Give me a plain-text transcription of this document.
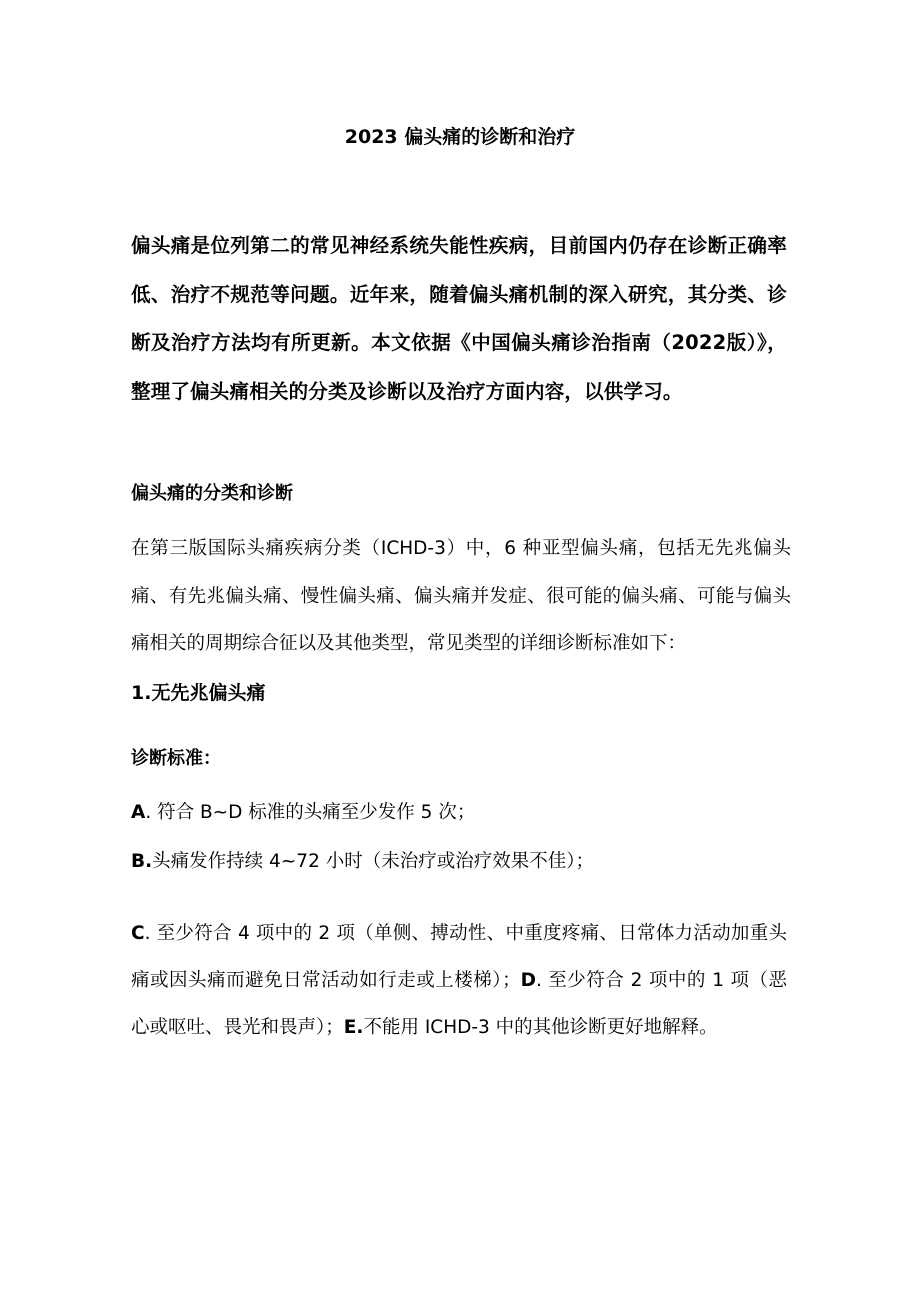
2023 偏头痛的诊断和治疗

偏头痛是位列第二的常见神经系统失能性疾病，目前国内仍存在诊断正确率低、治疗不规范等问题。近年来，随着偏头痛机制的深入研究，其分类、诊断及治疗方法均有所更新。本文依据《中国偏头痛诊治指南（2022版）》，整理了偏头痛相关的分类及诊断以及治疗方面内容，以供学习。

偏头痛的分类和诊断

在第三版国际头痛疾病分类（ICHD-3）中，6 种亚型偏头痛，包括无先兆偏头痛、有先兆偏头痛、慢性偏头痛、偏头痛并发症、很可能的偏头痛、可能与偏头痛相关的周期综合征以及其他类型，常见类型的详细诊断标准如下：

1.无先兆偏头痛

诊断标准：

A. 符合 B~D 标准的头痛至少发作 5 次；

B.头痛发作持续 4~72 小时（未治疗或治疗效果不佳）；

C. 至少符合 4 项中的 2 项（单侧、搏动性、中重度疼痛、日常体力活动加重头痛或因头痛而避免日常活动如行走或上楼梯）；D. 至少符合 2 项中的 1 项（恶心或呕吐、畏光和畏声）；E.不能用 ICHD-3 中的其他诊断更好地解释。
